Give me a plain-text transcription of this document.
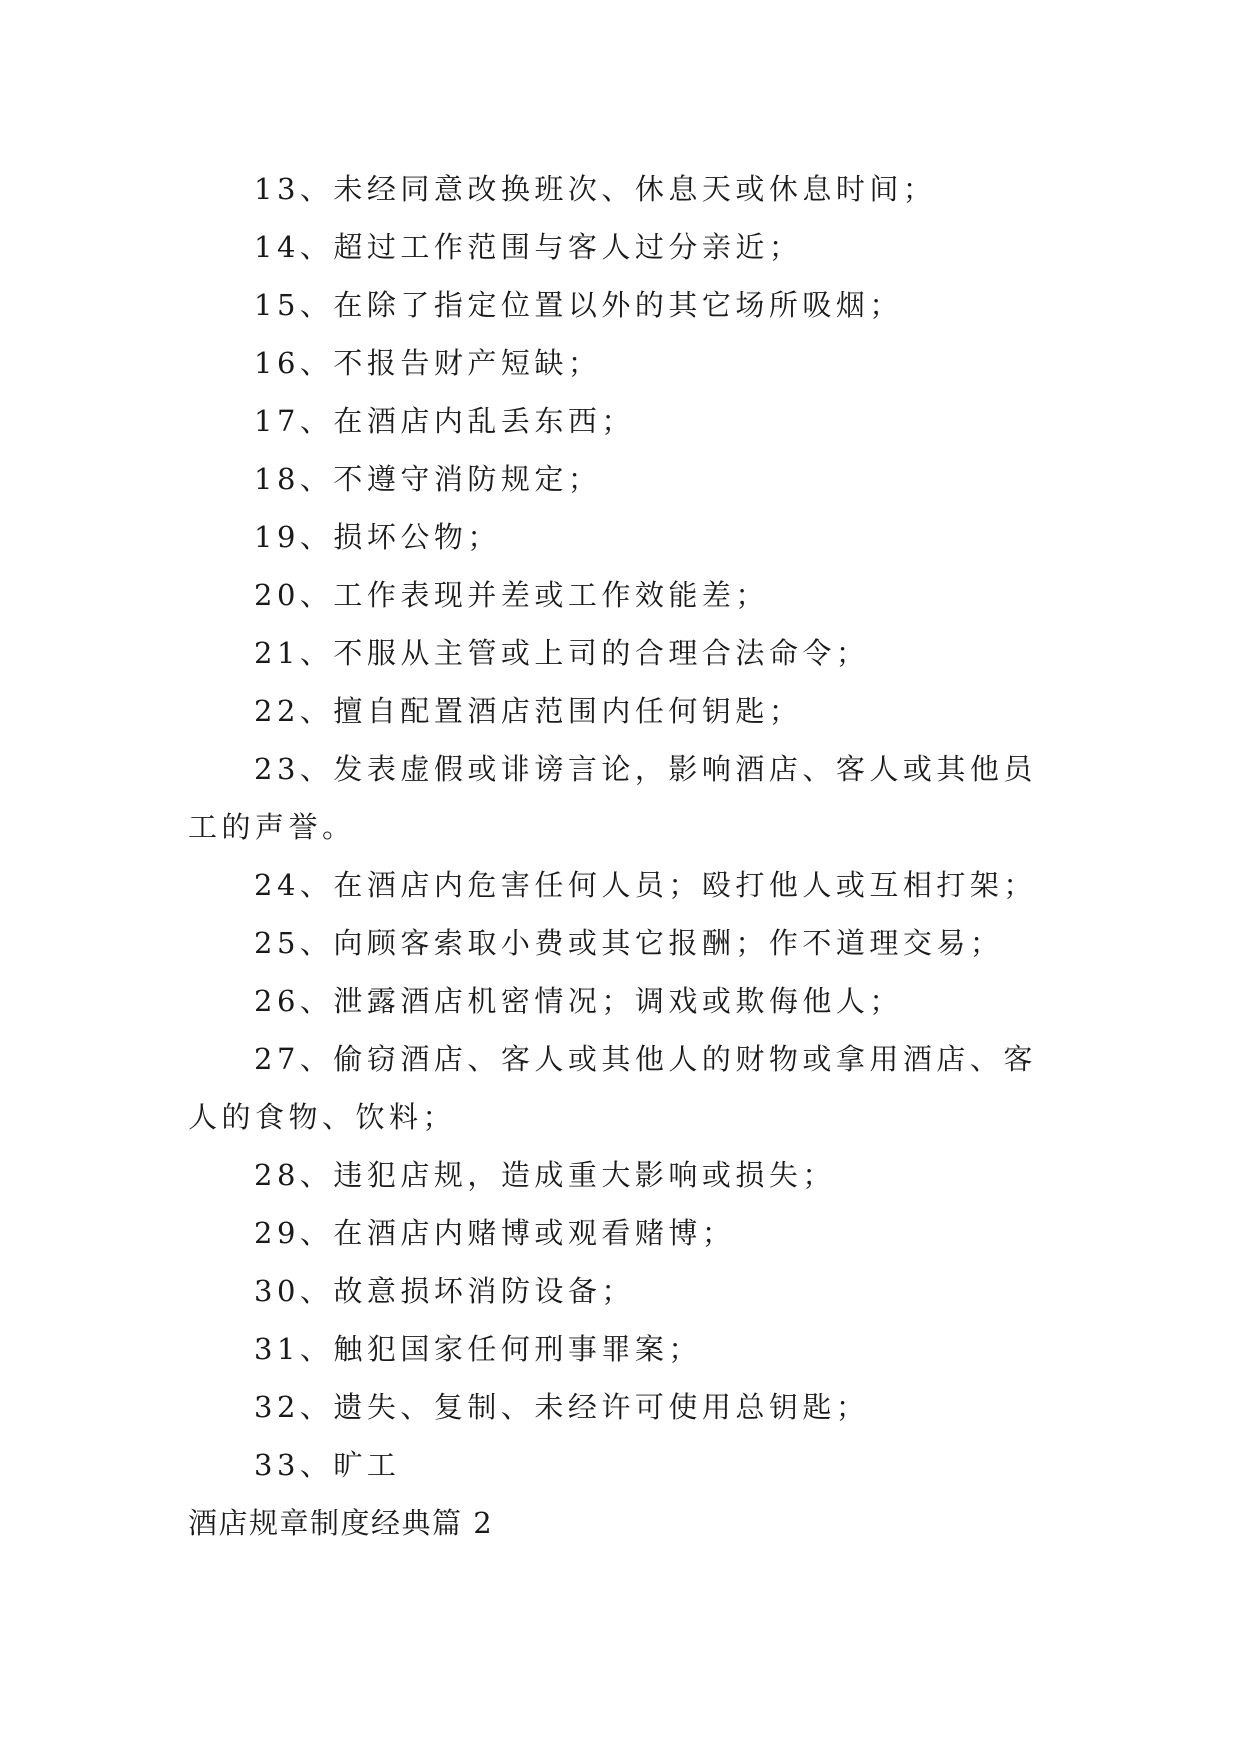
13、未经同意改换班次、休息天或休息时间；

14、超过工作范围与客人过分亲近；

15、在除了指定位置以外的其它场所吸烟；

16、不报告财产短缺；

17、在酒店内乱丢东西；

18、不遵守消防规定；

19、损坏公物；

20、工作表现并差或工作效能差；

21、不服从主管或上司的合理合法命令；

22、擅自配置酒店范围内任何钥匙；

23、发表虚假或诽谤言论，影响酒店、客人或其他员工的声誉。

24、在酒店内危害任何人员；殴打他人或互相打架；

25、向顾客索取小费或其它报酬；作不道理交易；

26、泄露酒店机密情况；调戏或欺侮他人；

27、偷窃酒店、客人或其他人的财物或拿用酒店、客人的食物、饮料；

28、违犯店规，造成重大影响或损失；

29、在酒店内赌博或观看赌博；

30、故意损坏消防设备；

31、触犯国家任何刑事罪案；

32、遗失、复制、未经许可使用总钥匙；

33、旷工

酒店规章制度经典篇 2
